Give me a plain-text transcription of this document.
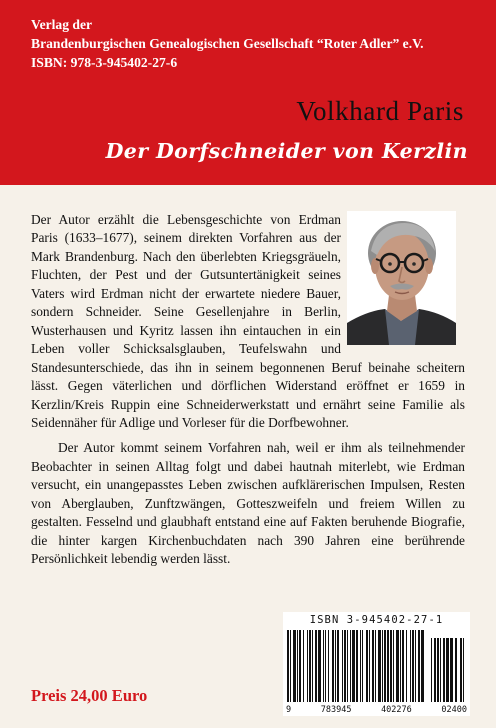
Verlag der
Brandenburgischen Genealogischen Gesellschaft “Roter Adler” e.V.
ISBN: 978-3-945402-27-6
Volkhard Paris
Der Dorfschneider von Kerzlin

Der Autor erzählt die Lebensgeschichte von Erdman Paris (1633–1677), seinem direkten Vorfahren aus der Mark Brandenburg. Nach den überlebten Kriegsgräueln, Fluchten, der Pest und der Gutsuntertänigkeit seines Vaters wird Erdman nicht der erwartete niedere Bauer, sondern Schneider. Seine Gesellenjahre in Berlin, Wusterhausen und Kyritz lassen ihn eintauchen in ein Leben voller Schicksalsglauben, Teufelswahn und Standesunterschiede, das ihn in seinem begonnenen Beruf beinahe scheitern lässt. Gegen väterlichen und dörflichen Widerstand eröffnet er 1659 in Kerzlin/Kreis Ruppin eine Schneiderwerkstatt und ernährt seine Familie als Seidennäher für Adlige und Vorleser für die Dorfbewohner.

Der Autor kommt seinem Vorfahren nah, weil er ihm als teilnehmender Beobachter in seinen Alltag folgt und dabei hautnah miterlebt, wie Erdman versucht, ein unangepasstes Leben zwischen aufklärerischen Impulsen, Resten von Aberglauben, Zunftzwängen, Gotteszweifeln und freiem Willen zu gestalten. Fesselnd und glaubhaft entstand eine auf Fakten beruhende Biografie, die hinter kargen Kirchenbuchdaten nach 390 Jahren eine berührende Persönlichkeit lebendig werden lässt.

Preis 24,00 Euro
ISBN 3-945402-27-1
9	783945	402276	02400
